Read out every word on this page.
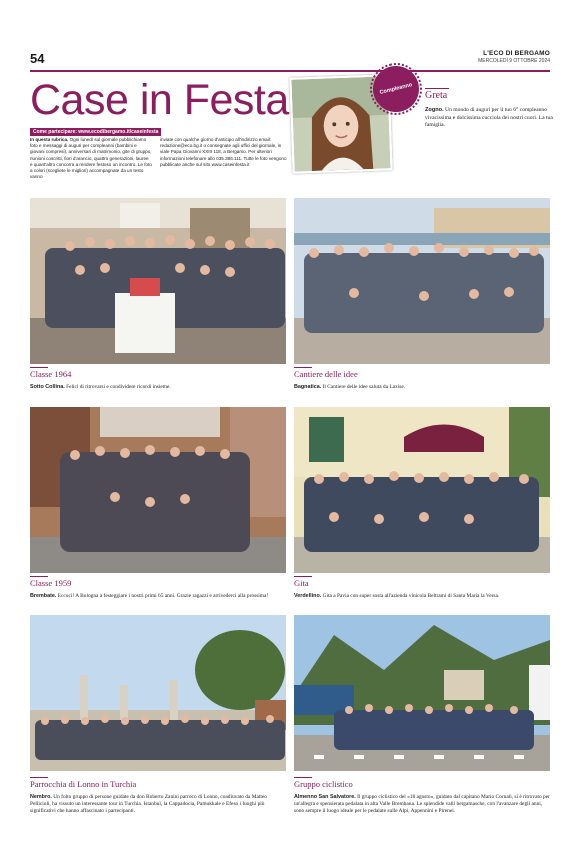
54	L'ECO DI BERGAMO
MERCOLEDÌ 9 OTTOBRE 2024
Case in Festa
Come partecipare: www.ecodibergamo.it/caseinfesta
In questa rubrica. Ogni lunedì sul giornale pubblichiamo foto e messaggi di auguri per compleanni (bambini e giovani compresi), anniversari di matrimonio, gite di gruppo, riunioni coscritti, fiori d'arancio, quattro generazioni, lauree e quant'altro concorra a rendere festoso un incontro. Le foto a colori (scegliete le migliori) accompagnate da un testo vanno
inviate con qualche giorno d'anticipo all'indirizzo email: redazione@eco.bg.it o consegnate agli uffici del giornale, in viale Papa Giovanni XXIII 118, a Bergamo. Per ulteriori informazioni telefonare allo 035.386.111. Tutte le foto vengono pubblicate anche sul sito www.caseinfesta.it
Compleanno Greta
Zogno. Un mondo di auguri per il tuo 6° compleanno vivacissima e dolcissima cucciola dei nostri cuori. La tua famiglia.
Classe 1964
Sotto Collina. Felici di ritrovarsi e condividere ricordi insieme.
Cantiere delle idee
Bagnatica. Il Cantiere delle idee saluta da Laxise.
Classe 1959
Brembate. Eccoci! A Bologna a festeggiare i nostri primi 65 anni. Grazie ragazzi e arrivederci alla prossima!
Gita
Verdellino. Gita a Pavia con super sosta all'azienda vinicola Beltrami di Santa Maria la Versa.
Parrocchia di Lonno in Turchia
Nembro. Un folto gruppo di persone guidate da don Roberto Zanini parroco di Lonno, coadiuvato da Matteo Pellicioli, ha vissuto un interessante tour in Turchia. Istanbul, la Cappadocia, Pamukkale e Efeso i luoghi più significativi che hanno affascinato i partecipanti.
Gruppo ciclistico
Almenno San Salvatore. Il gruppo ciclistico del «18 agosto», guidato dal capitano Mario Cornali, si è ritrovato per un'allegra e spensierata pedalata in alta Valle Brembana. Le splendide valli bergamasche, con l'avanzare degli anni, sono sempre il luogo ideale per le pedalate sulle Alpi, Appennini e Pirenei.
